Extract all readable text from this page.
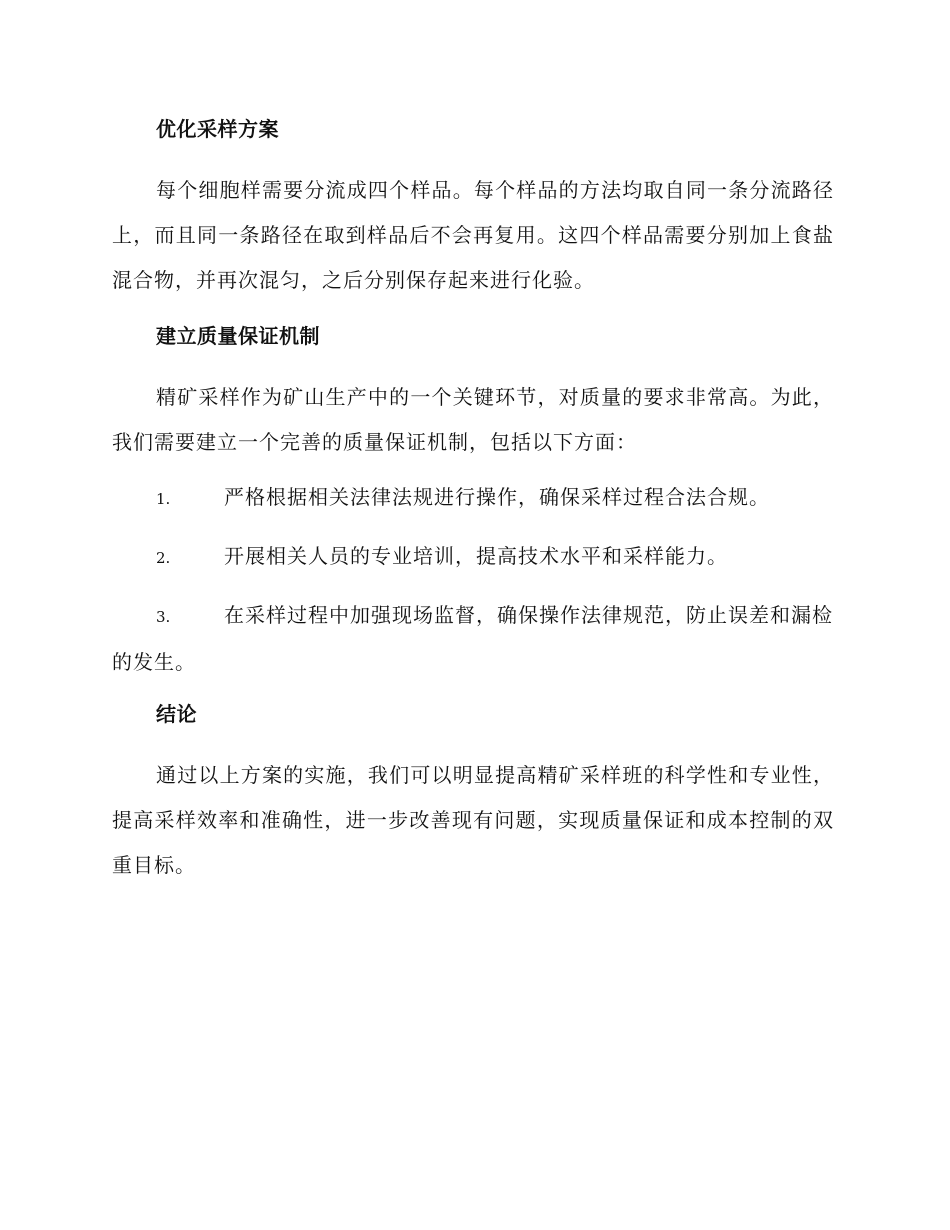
优化采样方案

每个细胞样需要分流成四个样品。每个样品的方法均取自同一条分流路径上，而且同一条路径在取到样品后不会再复用。这四个样品需要分别加上食盐混合物，并再次混匀，之后分别保存起来进行化验。

建立质量保证机制

精矿采样作为矿山生产中的一个关键环节，对质量的要求非常高。为此，我们需要建立一个完善的质量保证机制，包括以下方面：

1.	严格根据相关法律法规进行操作，确保采样过程合法合规。
2.	开展相关人员的专业培训，提高技术水平和采样能力。
3.	在采样过程中加强现场监督，确保操作法律规范，防止误差和漏检的发生。
结论

通过以上方案的实施，我们可以明显提高精矿采样班的科学性和专业性，提高采样效率和准确性，进一步改善现有问题，实现质量保证和成本控制的双重目标。
